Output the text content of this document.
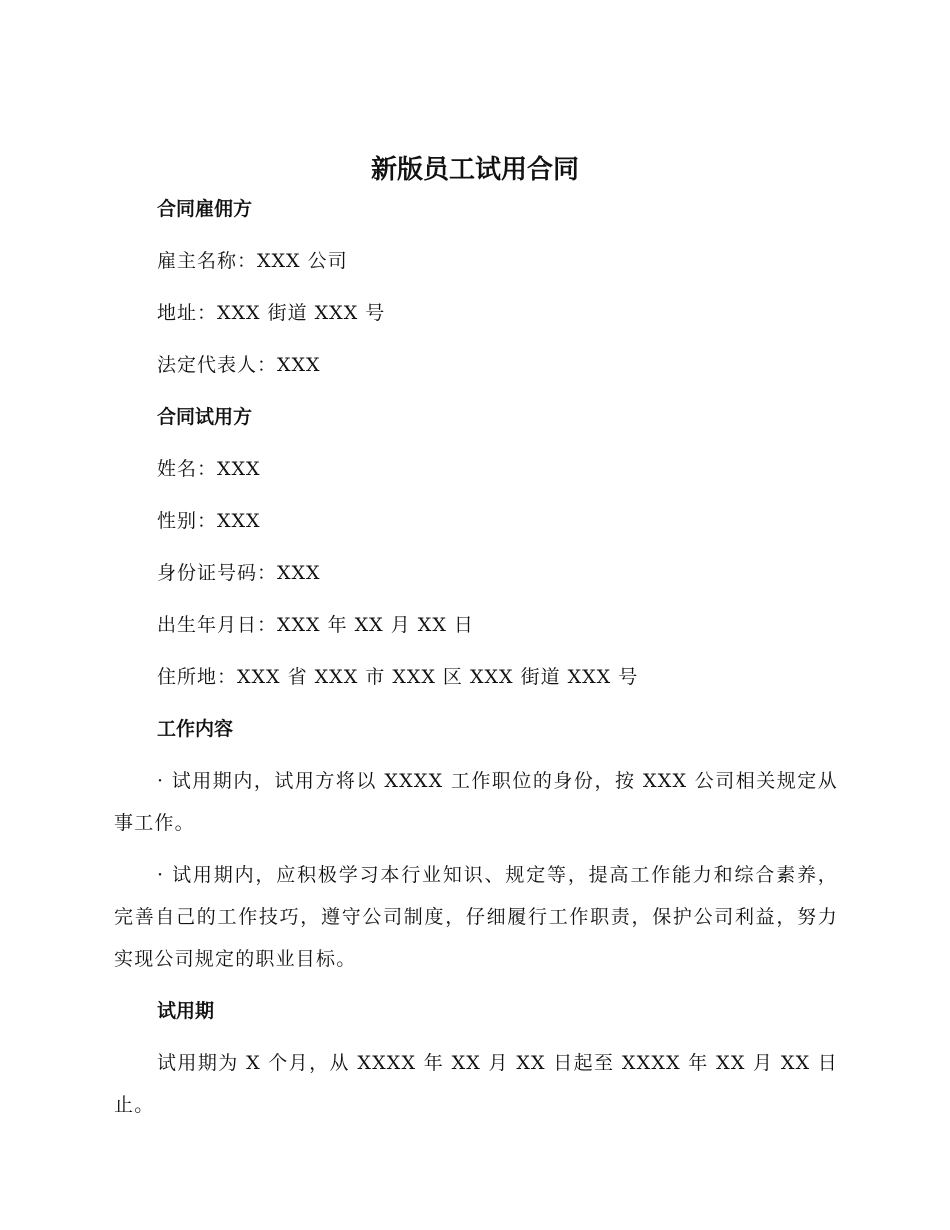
新版员工试用合同
合同雇佣方
雇主名称：XXX 公司
地址：XXX 街道 XXX 号
法定代表人：XXX
合同试用方
姓名：XXX
性别：XXX
身份证号码：XXX
出生年月日：XXX 年 XX 月 XX 日
住所地：XXX 省 XXX 市 XXX 区 XXX 街道 XXX 号
工作内容

· 试用期内，试用方将以 XXXX 工作职位的身份，按 XXX 公司相关规定从事工作。

· 试用期内，应积极学习本行业知识、规定等，提高工作能力和综合素养，完善自己的工作技巧，遵守公司制度，仔细履行工作职责，保护公司利益，努力实现公司规定的职业目标。

试用期

试用期为 X 个月，从 XXXX 年 XX 月 XX 日起至 XXXX 年 XX 月 XX 日止。
